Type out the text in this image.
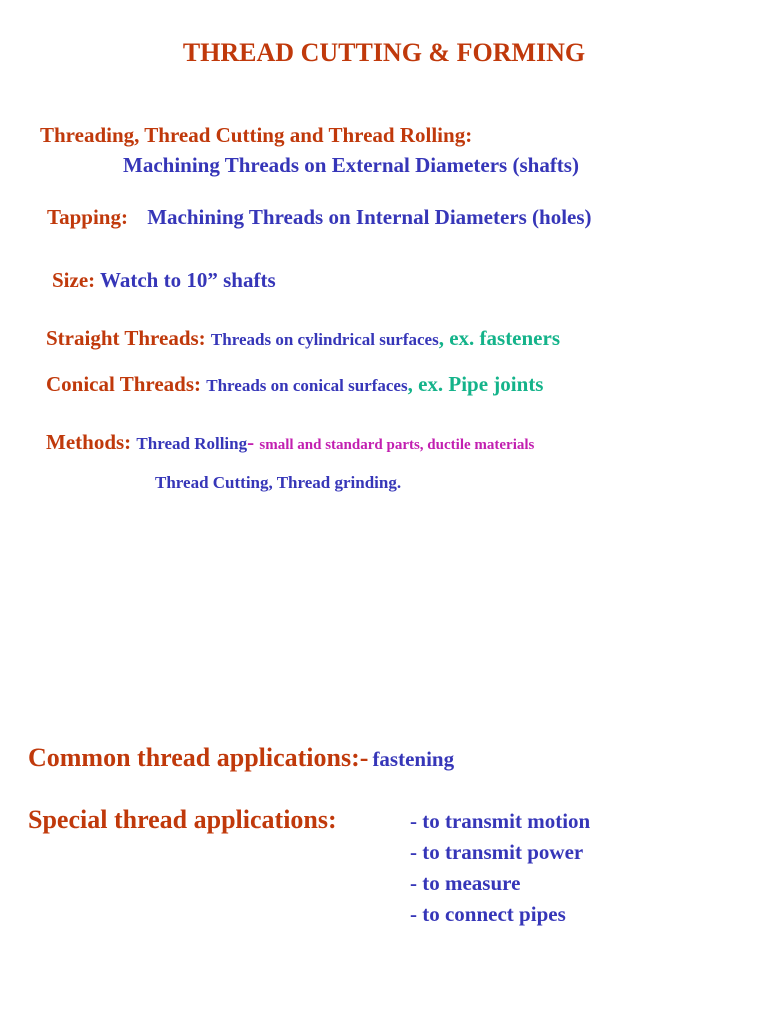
THREAD CUTTING & FORMING
Threading, Thread Cutting and Thread Rolling:
Machining Threads on External Diameters (shafts)
Tapping: Machining Threads on Internal Diameters (holes)
Size: Watch to 10” shafts
Straight Threads: Threads on cylindrical surfaces, ex. fasteners
Conical Threads: Threads on conical surfaces, ex. Pipe joints
Methods: Thread Rolling- small and standard parts, ductile materials
Thread Cutting, Thread grinding.
Common thread applications:- fastening
Special thread applications:	- to transmit motion
- to transmit power
- to measure
- to connect pipes
